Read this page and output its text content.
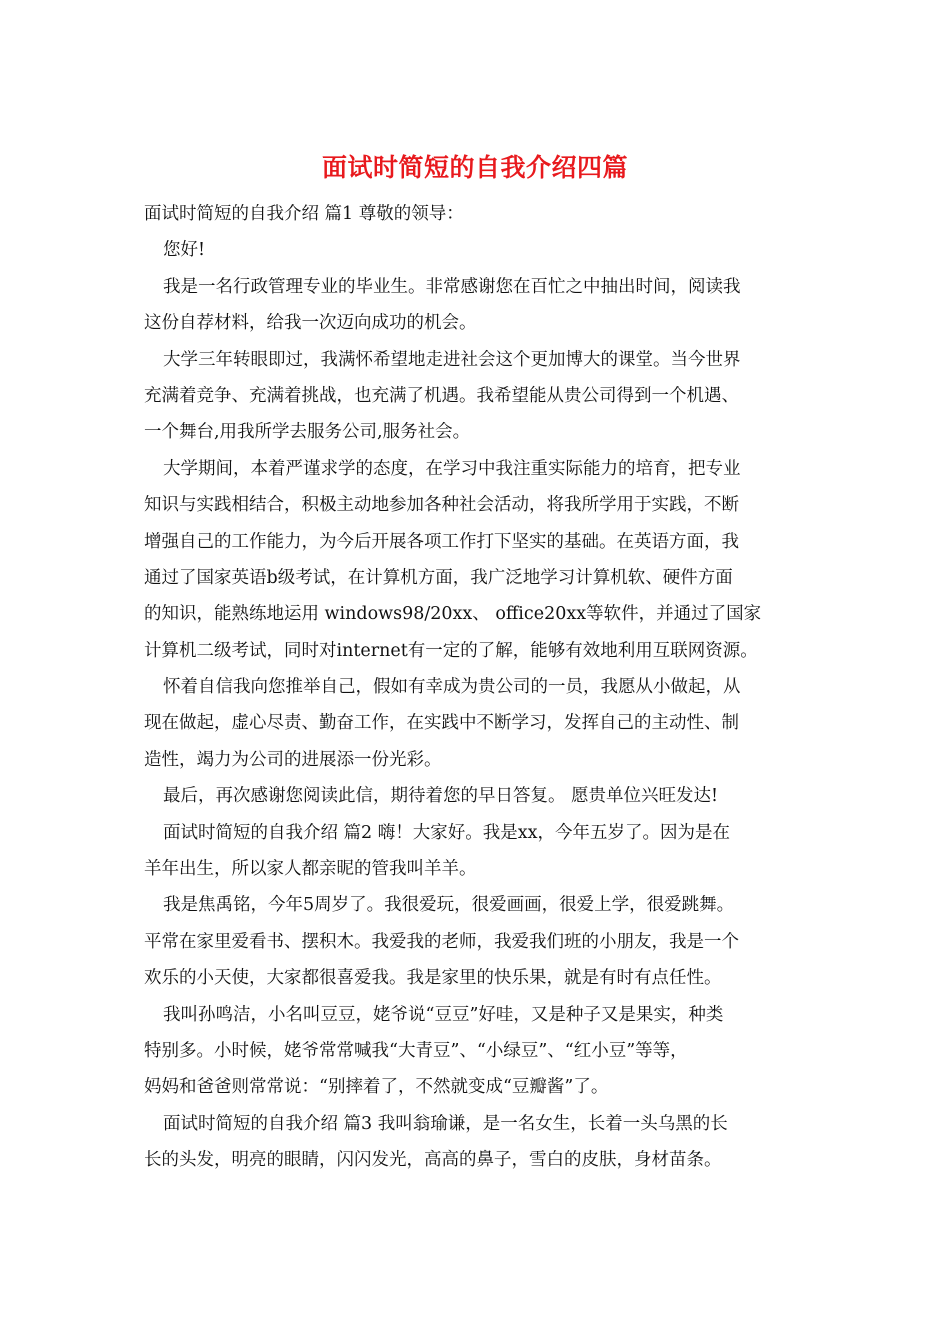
面试时简短的自我介绍四篇
面试时简短的自我介绍 篇1 尊敬的领导：
您好!
我是一名行政管理专业的毕业生。非常感谢您在百忙之中抽出时间，阅读我
这份自荐材料，给我一次迈向成功的机会。
大学三年转眼即过，我满怀希望地走进社会这个更加博大的课堂。当今世界
充满着竞争、充满着挑战，也充满了机遇。我希望能从贵公司得到一个机遇、
一个舞台,用我所学去服务公司,服务社会。
大学期间，本着严谨求学的态度，在学习中我注重实际能力的培育，把专业
知识与实践相结合，积极主动地参加各种社会活动，将我所学用于实践，不断
增强自己的工作能力，为今后开展各项工作打下坚实的基础。在英语方面，我
通过了国家英语b级考试，在计算机方面，我广泛地学习计算机软、硬件方面
的知识，能熟练地运用 windows98/20xx、 office20xx等软件，并通过了国家
计算机二级考试，同时对internet有一定的了解，能够有效地利用互联网资源。
怀着自信我向您推举自己，假如有幸成为贵公司的一员，我愿从小做起，从
现在做起，虚心尽责、勤奋工作，在实践中不断学习，发挥自己的主动性、制
造性，竭力为公司的进展添一份光彩。
最后，再次感谢您阅读此信，期待着您的早日答复。 愿贵单位兴旺发达!
面试时简短的自我介绍 篇2 嗨！大家好。我是xx，今年五岁了。因为是在
羊年出生，所以家人都亲昵的管我叫羊羊。
我是焦禹铭，今年5周岁了。我很爱玩，很爱画画，很爱上学，很爱跳舞。
平常在家里爱看书、摆积木。我爱我的老师，我爱我们班的小朋友，我是一个
欢乐的小天使，大家都很喜爱我。我是家里的快乐果，就是有时有点任性。
我叫孙鸣洁，小名叫豆豆，姥爷说“豆豆”好哇，又是种子又是果实，种类
特别多。小时候，姥爷常常喊我“大青豆”、“小绿豆”、“红小豆”等等，
妈妈和爸爸则常常说：“别摔着了，不然就变成“豆瓣酱”了。
面试时简短的自我介绍 篇3 我叫翁瑜谦，是一名女生，长着一头乌黑的长
长的头发，明亮的眼睛，闪闪发光，高高的鼻子，雪白的皮肤，身材苗条。
